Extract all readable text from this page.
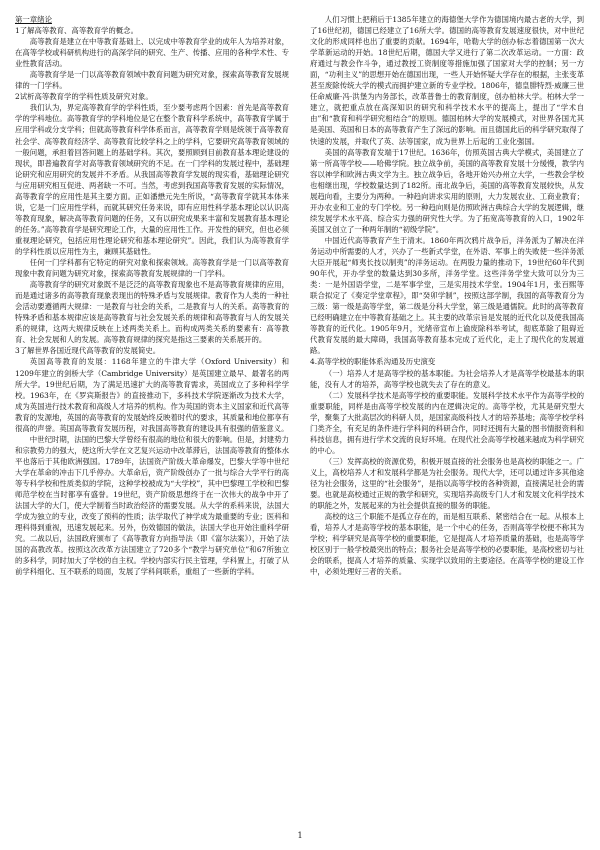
第一章绪论

1了解高等教育、高等教育学的概念。

高等教育是建立在中等教育基础上、以完成中等教育学业的成年人为培养对象，在高等学校或科研机构进行的高深学问的研究、生产、传播、应用的各种学术性、专业性教育活动。

高等教育学是一门以高等教育领域中教育问题为研究对象，探索高等教育发展规律的一门学科。

2试析高等教育学的学科性质及研究对象。

我们认为，界定高等教育学的学科性质，至少要考虑两个因素：首先是高等教育学的学科地位。高等教育学的学科地位是它在整个教育科学系统中，高等教育学属于应用学科或分支学科；但就高等教育科学体系而言，高等教育学则是统领于高等教育社会学、高等教育经济学、高等教育比较学科之上的学科，它要研究高等教育领域的一般问题，承担着回答问题上的基础学科。其次，要照顾到目前教育基本理论建设的现状，即普遍教育学对高等教育领域研究的不足。在一门学科的发展过程中，基础理论研究和应用研究的发展并不矛盾。从我国高等教育学发展的现实看，基础理论研究与应用研究相互促进、两者缺一不可。当然，考虑到我国高等教育发展的实际情况，高等教育学的应用性是其主要方面。正如潘懋元先生所说，“高等教育学就其本体来说，它是一门应用性学科，而就其研究任务来说，即有应用性科学基本理论以认识高等教育现象，解决高等教育问题的任务，又有以研究成果来丰富和发展教育基本理论的任务。”高等教育学是研究理论工作，大量的应用性工作。开发性的研究，但也必须重视理论研究，包括应用性理论研究和基本理论研究”。因此，我们认为高等教育学的学科性质以应用性为主，兼顾其基础性。

任何一门学科都有它特定的研究对象和探索领域。高等教育学是一门以高等教育现象中教育问题为研究对象，探索高等教育发展规律的一门学科。

高等教育学的研究对象既不是泛泛的高等教育现象也不是高等教育规律的应用，而是通过诸多的高等教育现象表现出的特殊矛盾与发展规律。教育作为人类的一种社会活动要遵循两大规律：一是教育与社会的关系，二是教育与人的关系。高等教育的特殊矛盾和基本规律应该是高等教育与社会发展关系的规律和高等教育与人的发展关系的规律，这两大规律反映在上述两类关系上。而构成两类关系的要素有：高等教育、社会发展和人的发展。高等教育规律的探究是指这三要素的关系展开的。

3了解世界各国近现代高等教育的发展简史。

英国高等教育的发展：1168年建立的牛津大学（Oxford University）和1209年建立的剑桥大学（Cambridge University）是英国建立最早、最著名的两所大学。19世纪后期，为了满足迅速扩大的高等教育需求，英国成立了多种科学学校。1963年，在《罗宾斯报告》的直接推动下，多科技术学院逐渐改为技术大学，成为英国进行技术教育和高级人才培养的机构。作为英国的资本主义国家和近代高等教育的发源地，英国的高等教育的发展始终反映着时代的要求，其质量和地位都享有很高的声誉。英国高等教育发展历程，对我国高等教育的建设具有很强的借鉴意义。

中世纪时期，法国的巴黎大学曾经有很高的地位和很大的影响。但是，封建势力和宗教势力的强大，使这所大学在文艺复兴运动中改革滞后，法国高等教育的整体水平也落后于其他欧洲强国。1789年，法国资产阶级大革命爆发，巴黎大学等中世纪大学在革命的冲击下几乎停办。大革命后，资产阶级创办了一批与综合大学平行的高等专科学校和性质类似的学院，这种学校被成为“大学校”，其中巴黎理工学校和巴黎师范学校在当时都享有盛誉。19世纪，资产阶级思想终于在一次伟大的战争中开了法国大学的大门，使大学制着当时政治经济的需要发展。从大学的系科来说，法国大学成为独立的专业，改变了预科的性质；法学取代了神学成为最重要的专业；医科和理科得到重视，迅速发展起来。另外，伤效德国的做法，法国大学也开始注重科学研究。二战以后，法国政府颁布了《高等教育方向指导法（即《富尔法案》），开始了法国的高教改革。按照这次改革方法国建立了720多个“教学与研究单位”和67所独立的多科学，同时加大了学校的自主权。学校内部实行民主管理，学科置上，打破了从前学科细化、互不联系的局面，发展了学科间联系，重组了一些新的学科。

人们习惯上把稍后于1385年建立的海德堡大学作为德国境内最古老的大学，到了16世纪初，德国已经建立了16所大学。德国的高等教育发展速度很快，对中世纪文化的形成同样也出了重要的贡献。1694年，哈勒大学的创办标志着德国第一次大学革新运动的开始。18世纪后期，德国大学又进行了第二次改革运动。一方面：政府通过与教会作斗争，通过教授工资制度等措施加强了国家对大学的控制；另一方面，“功利主义”的思想开始在德国出现，一些人开始怀疑大学存在的根据，主张变革甚至废除传统大学的模式而拥护建立新的专业学校。1806年，德皇腓特烈·威廉三世任命威廉·冯·洪堡为内务部长，改革普鲁士的教育制度，创办柏林大学。柏林大学一建立，就把重点放在高深知识的研究和科学技术水平的提高上，提出了“学术自由”和“教育和科学研究相结合”的原则。德国柏林大学的发展模式，对世界各国尤其是美国、英国和日本的高等教育产生了深远的影响。而且德国此后的科学研究取得了快速的发展，并取代了英、法等国家，成为世界上后起的工业化强国。

美国的高等教育发端于17世纪。1636年，仿照英国古典大学模式，美国建立了第一所高等学校——哈佛学院。独立战争前，美国的高等教育发展十分缓慢，教学内容以神学和欧洲古典文学为主。独立战争后，各地开始兴办州立大学，一些教会学校也相继出现，学校数量达到了182所。南北战争后，美国的高等教育发展较快，从发展趋向看，主要分为两种。一种趋向讲求实用的原则，大力发展农业、工商业教育；开办农业和工业的专门学校。另一种趋向则是仿照欧洲古典综合大学的发展逻辑，继续发展学术水平高、综合实力强的研究性大学。为了拓宽高等教育的入口，1902年美国又创立了一种两年制的“初级学院”。

中国近代高等教育产生于清末。1860年两次鸦片战争后，洋务派为了解决在洋务运动中所需要的人才，兴办了一些新式学堂，在外语、军事上的失败使一些洋务派大臣开展起“师夷长技以制夷”的洋务运动。在两股力量的推动下，19世纪60年代到90年代，开办学堂的数量达到30多所，洋务学堂。这些洋务学堂大致可以分为三类：一是外国语学堂，二是军事学堂，三是实用技术学堂。1904年1月，张百熙等联合拟定了《奏定学堂章程》，即“癸卯学制”，按照这部学制，我国的高等教育分为三级：第一级是高等学堂，第二级是分科大学堂，第三级是通儒院。此时的高等教育已经明确建立在中等教育基础之上。其主要的改革宗旨是发展的近代化以及使我国高等教育的近代化。1905年9月，光绪帝宣布上谕废除科举考试，彻底革除了阻碍近代教育发展的最大障碍，我国高等教育基本完成了近代化，走上了现代化的发展道路。

4.高等学校的职能体系沟通及历史演变

（一）培养人才是高等学校的基本职能。为社会培养人才是高等学校最基本的职能，没有人才的培养，高等学校也就失去了存在的意义。

（二）发展科学技术是高等学校的重要职能。发展科学技术水平作为高等学校的重要职能，同样是由高等学校发展的内在逻辑决定的。高等学校，尤其是研究型大学，聚集了大批高层次的科研人员，是国家高级科技人才的培养基地；高等学校学科门类齐全，有充足的条件进行学科间的科研合作，同时还拥有大量的图书情报资料和科技信息，拥有进行学术交流的良好环境。在现代社会高等学校越来越成为科学研究的中心。

（三）发挥高校的资源优势，积极开展直接的社会服务也是高校的职能之一。广义上，高校培养人才和发展科学都是为社会服务。现代大学，还可以通过许多其他途径为社会服务，这里的“社会服务”，是指以高等学校的各种资源，直接满足社会的需要。也就是高校通过正规的教学和研究，实现培养高级专门人才和发展文化科学技术的职能之外，发展起来的为社会提供直接的服务的职能。

高校的这三个职能不是孤立存在的，而是相互联系、紧密结合在一起。从根本上看，培养人才是高等学校的基本职能，是一个中心的任务，否则高等学校便不称其为学校；科学研究是高等学校的重要职能，它是提高人才培养质量的基础，也是高等学校区别于一般学校最突出的特点；服务社会是高等学校的必要职能，是高校密切与社会的联系，提高人才培养的质量、实现学以致用的主要途径。在高等学校的建设工作中，必须处理好三者的关系。

1
